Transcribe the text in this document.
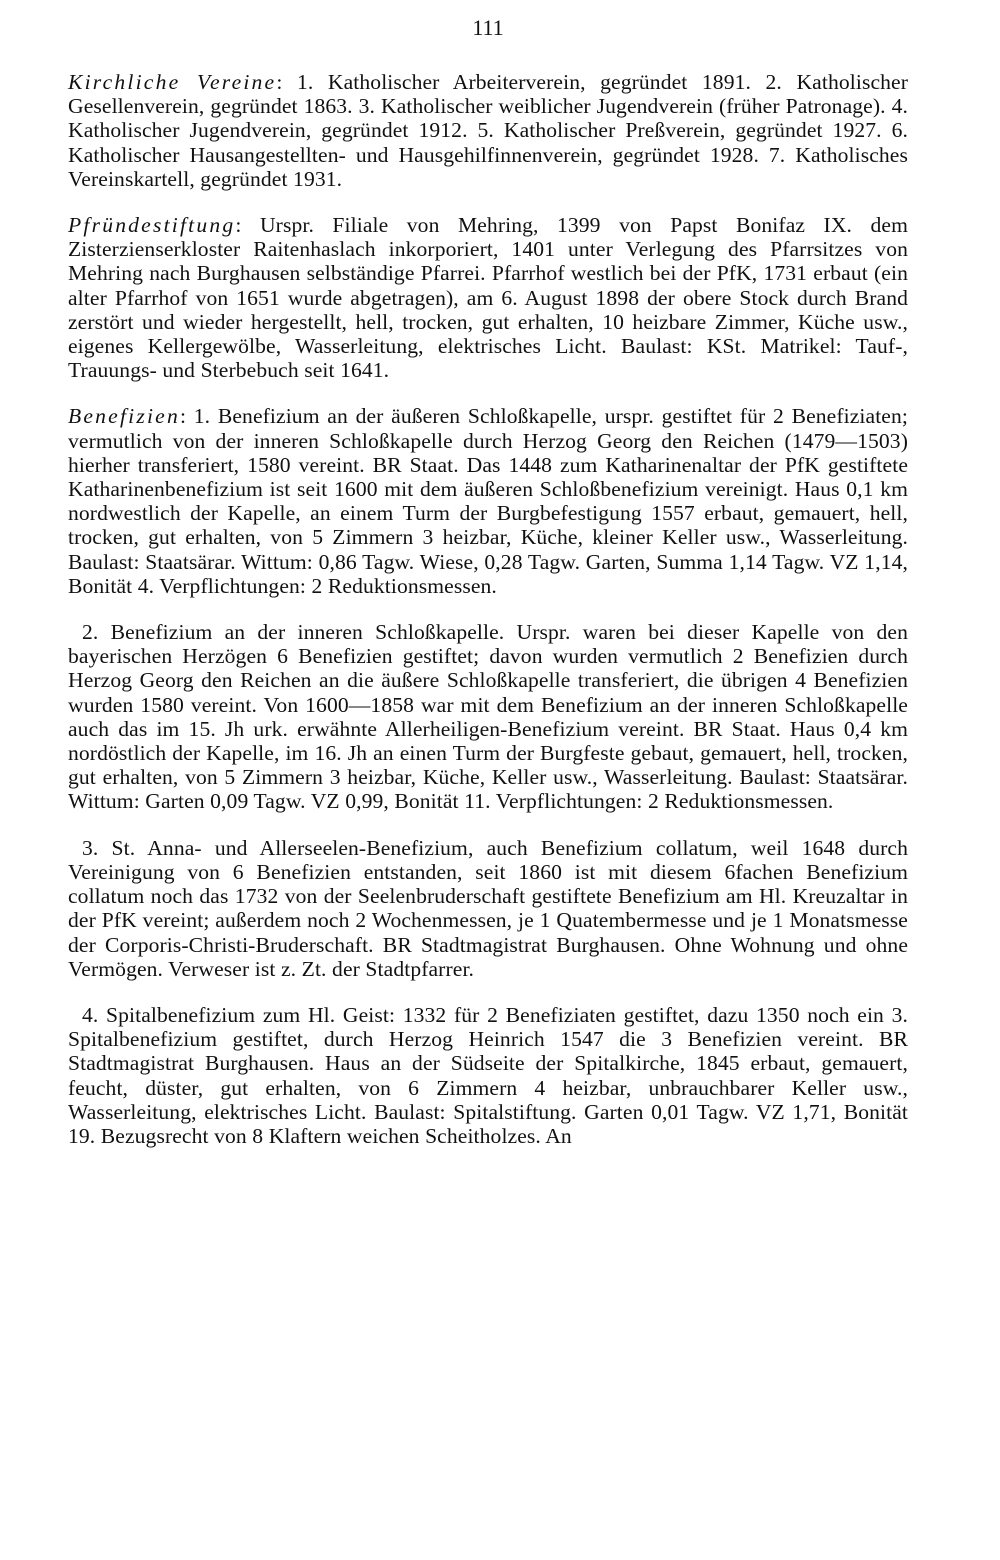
111

Kirchliche Vereine: 1. Katholischer Arbeiterverein, gegründet 1891. 2. Katholischer Gesellenverein, gegründet 1863. 3. Katholischer weiblicher Jugendverein (früher Patronage). 4. Katholischer Jugendverein, gegründet 1912. 5. Katholischer Preßverein, gegründet 1927. 6. Katholischer Hausangestellten- und Hausgehilfinnenverein, gegründet 1928. 7. Katholisches Vereinskartell, gegründet 1931.

Pfründestiftung: Urspr. Filiale von Mehring, 1399 von Papst Bonifaz IX. dem Zisterzienserkloster Raitenhaslach inkorporiert, 1401 unter Verlegung des Pfarrsitzes von Mehring nach Burghausen selbständige Pfarrei. Pfarrhof westlich bei der PfK, 1731 erbaut (ein alter Pfarrhof von 1651 wurde abgetragen), am 6. August 1898 der obere Stock durch Brand zerstört und wieder hergestellt, hell, trocken, gut erhalten, 10 heizbare Zimmer, Küche usw., eigenes Kellergewölbe, Wasserleitung, elektrisches Licht. Baulast: KSt. Matrikel: Tauf-, Trauungs- und Sterbebuch seit 1641.

Benefizien: 1. Benefizium an der äußeren Schloßkapelle, urspr. gestiftet für 2 Benefiziaten; vermutlich von der inneren Schloßkapelle durch Herzog Georg den Reichen (1479—1503) hierher transferiert, 1580 vereint. BR Staat. Das 1448 zum Katharinenaltar der PfK gestiftete Katharinenbenefizium ist seit 1600 mit dem äußeren Schloßbenefizium vereinigt. Haus 0,1 km nordwestlich der Kapelle, an einem Turm der Burgbefestigung 1557 erbaut, gemauert, hell, trocken, gut erhalten, von 5 Zimmern 3 heizbar, Küche, kleiner Keller usw., Wasserleitung. Baulast: Staatsärar. Wittum: 0,86 Tagw. Wiese, 0,28 Tagw. Garten, Summa 1,14 Tagw. VZ 1,14, Bonität 4. Verpflichtungen: 2 Reduktionsmessen.

2. Benefizium an der inneren Schloßkapelle. Urspr. waren bei dieser Kapelle von den bayerischen Herzögen 6 Benefizien gestiftet; davon wurden vermutlich 2 Benefizien durch Herzog Georg den Reichen an die äußere Schloßkapelle transferiert, die übrigen 4 Benefizien wurden 1580 vereint. Von 1600—1858 war mit dem Benefizium an der inneren Schloßkapelle auch das im 15. Jh urk. erwähnte Allerheiligen-Benefizium vereint. BR Staat. Haus 0,4 km nordöstlich der Kapelle, im 16. Jh an einen Turm der Burgfeste gebaut, gemauert, hell, trocken, gut erhalten, von 5 Zimmern 3 heizbar, Küche, Keller usw., Wasserleitung. Baulast: Staatsärar. Wittum: Garten 0,09 Tagw. VZ 0,99, Bonität 11. Verpflichtungen: 2 Reduktionsmessen.

3. St. Anna- und Allerseelen-Benefizium, auch Benefizium collatum, weil 1648 durch Vereinigung von 6 Benefizien entstanden, seit 1860 ist mit diesem 6fachen Benefizium collatum noch das 1732 von der Seelenbruderschaft gestiftete Benefizium am Hl. Kreuzaltar in der PfK vereint; außerdem noch 2 Wochenmessen, je 1 Quatembermesse und je 1 Monatsmesse der Corporis-Christi-Bruderschaft. BR Stadtmagistrat Burghausen. Ohne Wohnung und ohne Vermögen. Verweser ist z. Zt. der Stadtpfarrer.

4. Spitalbenefizium zum Hl. Geist: 1332 für 2 Benefiziaten gestiftet, dazu 1350 noch ein 3. Spitalbenefizium gestiftet, durch Herzog Heinrich 1547 die 3 Benefizien vereint. BR Stadtmagistrat Burghausen. Haus an der Südseite der Spitalkirche, 1845 erbaut, gemauert, feucht, düster, gut erhalten, von 6 Zimmern 4 heizbar, unbrauchbarer Keller usw., Wasserleitung, elektrisches Licht. Baulast: Spitalstiftung. Garten 0,01 Tagw. VZ 1,71, Bonität 19. Bezugsrecht von 8 Klaftern weichen Scheitholzes. An
